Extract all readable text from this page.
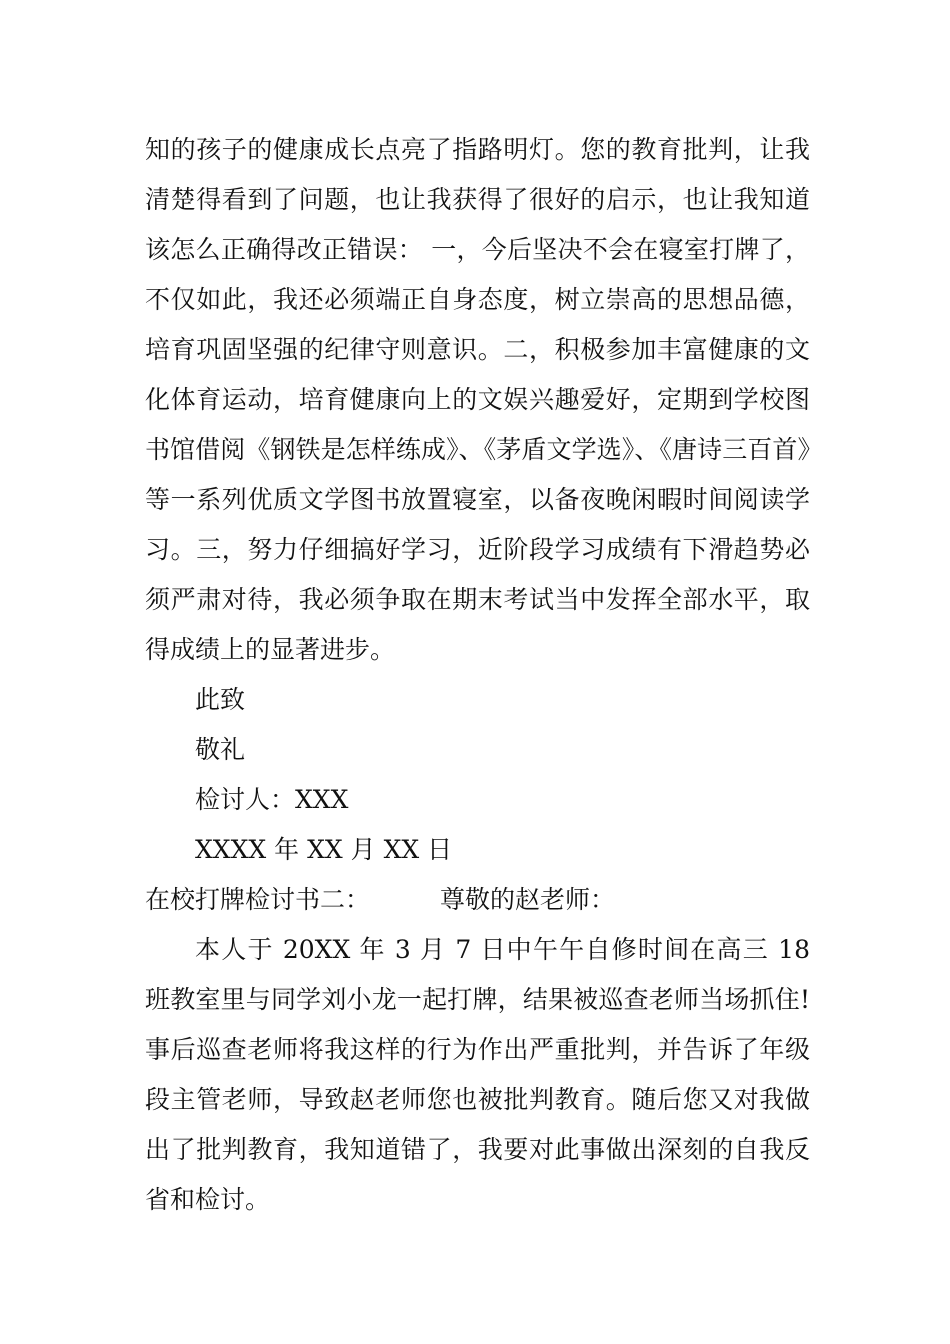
知的孩子的健康成长点亮了指路明灯。您的教育批判，让我清楚得看到了问题，也让我获得了很好的启示，也让我知道该怎么正确得改正错误： 一，今后坚决不会在寝室打牌了，不仅如此，我还必须端正自身态度，树立崇高的思想品德，培育巩固坚强的纪律守则意识。二，积极参加丰富健康的文化体育运动，培育健康向上的文娱兴趣爱好，定期到学校图书馆借阅《钢铁是怎样练成》、《茅盾文学选》、《唐诗三百首》等一系列优质文学图书放置寝室，以备夜晚闲暇时间阅读学习。三，努力仔细搞好学习，近阶段学习成绩有下滑趋势必须严肃对待，我必须争取在期末考试当中发挥全部水平，取得成绩上的显著进步。

此致

敬礼

检讨人：XXX

XXXX 年 XX 月 XX 日

在校打牌检讨书二：	尊敬的赵老师：

本人于 20XX 年 3 月 7 日中午午自修时间在高三 18 班教室里与同学刘小龙一起打牌，结果被巡查老师当场抓住!事后巡查老师将我这样的行为作出严重批判，并告诉了年级段主管老师，导致赵老师您也被批判教育。随后您又对我做出了批判教育，我知道错了，我要对此事做出深刻的自我反省和检讨。
